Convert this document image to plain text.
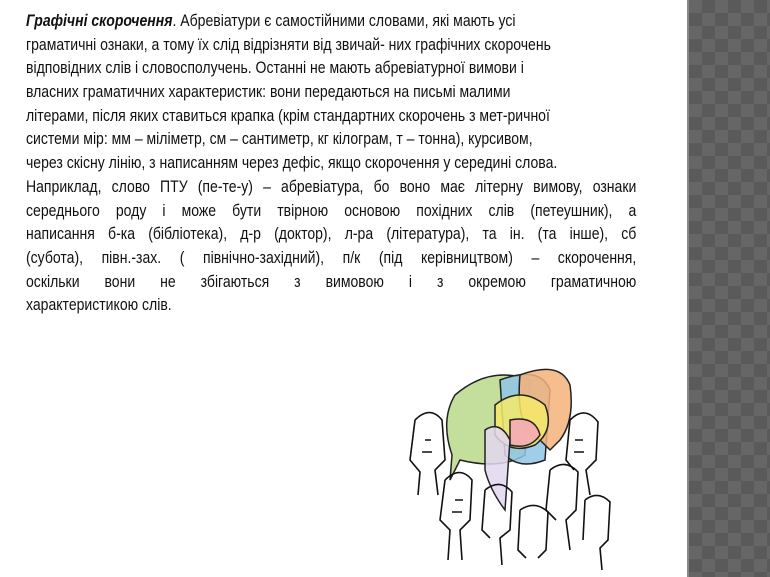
Графічні скорочення. Абревіатури є самостійними словами, які мають усі
граматичні ознаки, а тому їх слід відрізняти від звичай- них графічних скорочень
відповідних слів і словосполучень. Останні не мають абревіатурної вимови і
власних граматичних характеристик: вони передаються на письмі малими
літерами, після яких ставиться крапка (крім стандартних скорочень з мет-ричної
системи мір: мм – міліметр, см – сантиметр, кг кілограм, т – тонна), курсивом,
через скісну лінію, з написанням через дефіс, якщо скорочення у середині слова.
Наприклад, слово ПТУ (пе-те-у) – абревіатура, бо воно має літерну вимову, ознаки
середнього роду і може бути твірною основою похідних слів (петеушник), а
написання б-ка (бібліотека), д-р (доктор), л-ра (література), та ін. (та інше), сб
(субота), півн.-зах. ( північно-західний), п/к (під керівництвом) – скорочення,
оскільки вони не збігаються з вимовою і з окремою граматичною
характеристикою слів.
